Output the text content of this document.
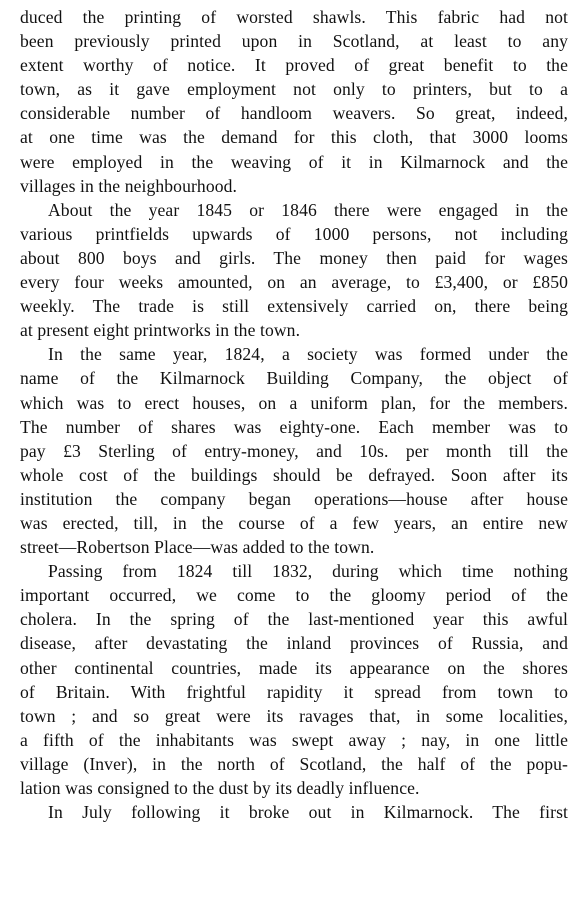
duced the printing of worsted shawls. This fabric had not
been previously printed upon in Scotland, at least to any
extent worthy of notice. It proved of great benefit to the
town, as it gave employment not only to printers, but to a
considerable number of handloom weavers. So great, indeed,
at one time was the demand for this cloth, that 3000 looms
were employed in the weaving of it in Kilmarnock and the
villages in the neighbourhood.
About the year 1845 or 1846 there were engaged in the
various printfields upwards of 1000 persons, not including
about 800 boys and girls. The money then paid for wages
every four weeks amounted, on an average, to £3,400, or £850
weekly. The trade is still extensively carried on, there being
at present eight printworks in the town.
In the same year, 1824, a society was formed under the
name of the Kilmarnock Building Company, the object of
which was to erect houses, on a uniform plan, for the members.
The number of shares was eighty-one. Each member was to
pay £3 Sterling of entry-money, and 10s. per month till the
whole cost of the buildings should be defrayed. Soon after its
institution the company began operations—house after house
was erected, till, in the course of a few years, an entire new
street—Robertson Place—was added to the town.
Passing from 1824 till 1832, during which time nothing
important occurred, we come to the gloomy period of the
cholera. In the spring of the last-mentioned year this awful
disease, after devastating the inland provinces of Russia, and
other continental countries, made its appearance on the shores
of Britain. With frightful rapidity it spread from town to
town ; and so great were its ravages that, in some localities,
a fifth of the inhabitants was swept away ; nay, in one little
village (Inver), in the north of Scotland, the half of the popu-
lation was consigned to the dust by its deadly influence.
In July following it broke out in Kilmarnock. The first
